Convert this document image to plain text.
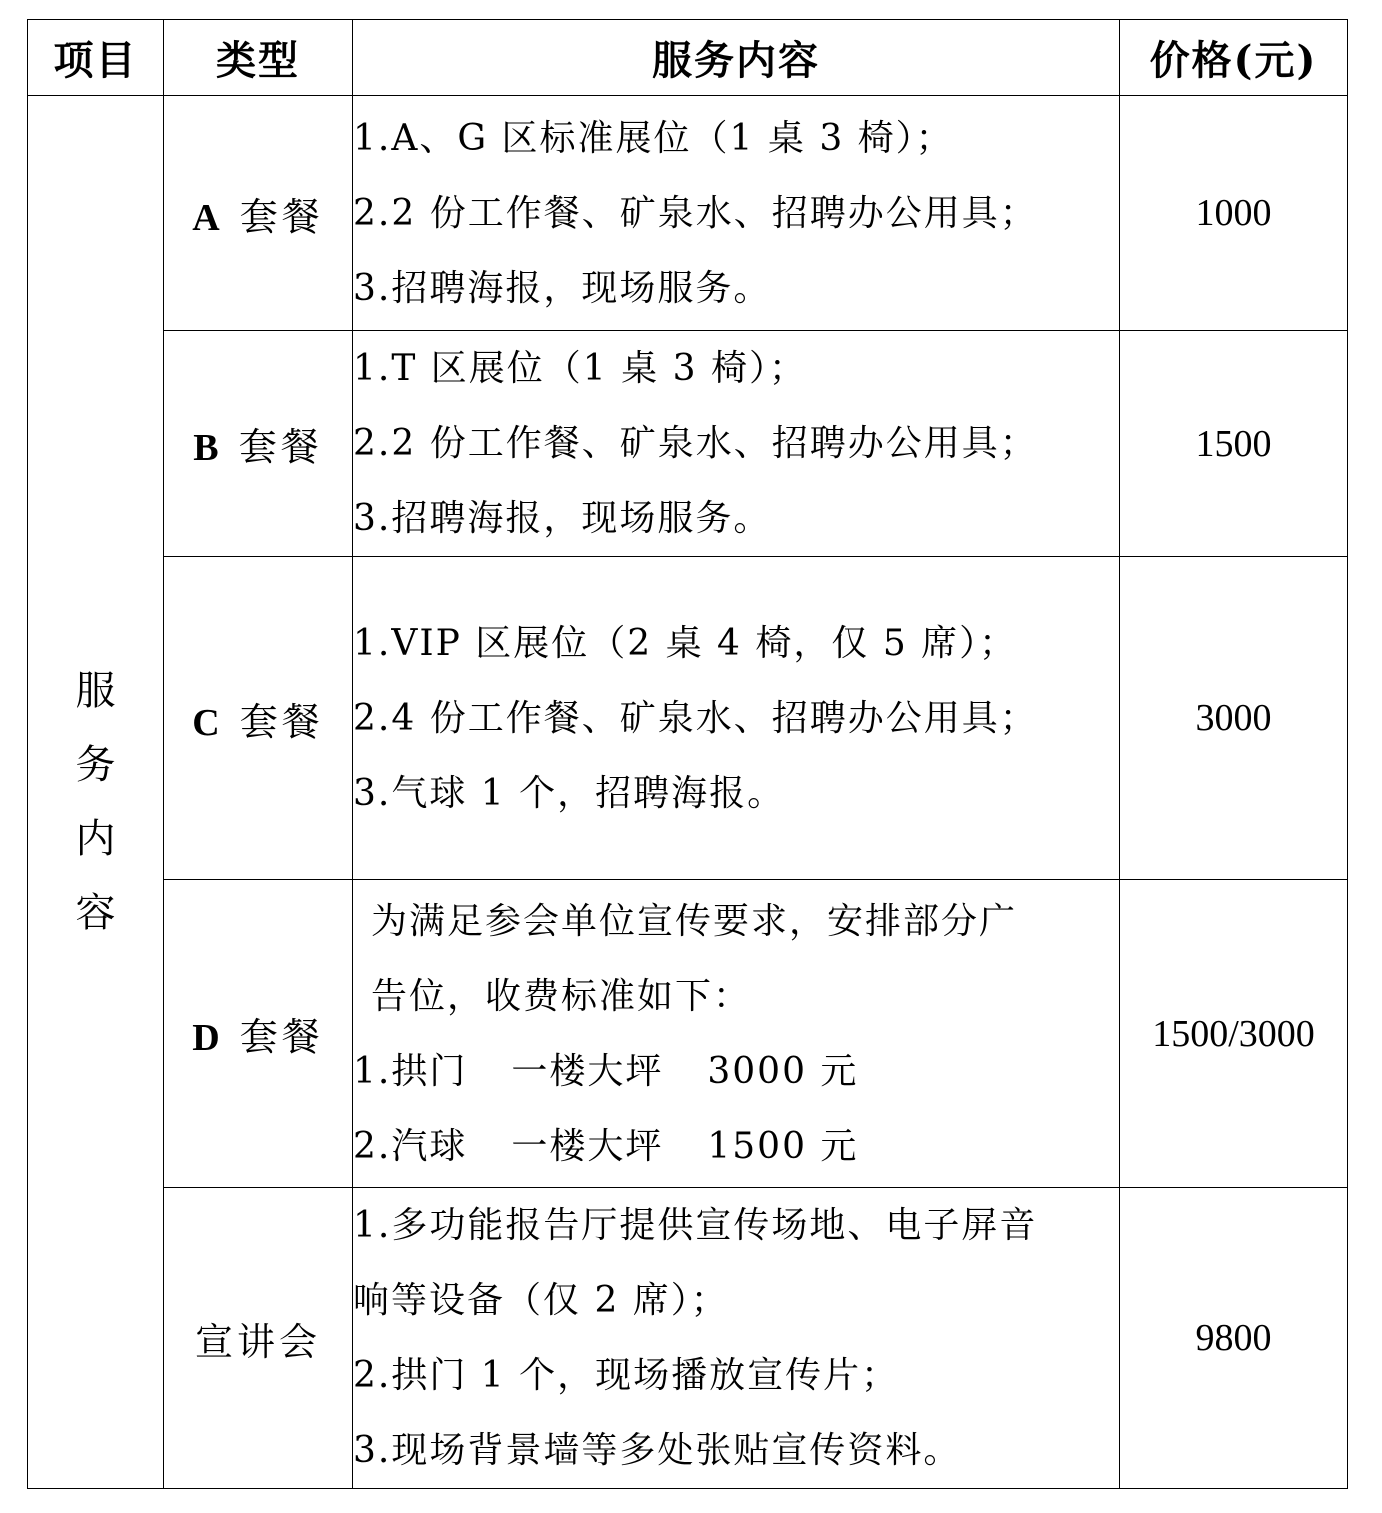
项目	类型	服务内容	价格(元)
服务内容	A 套餐	1.A、G 区标准展位（1 桌 3 椅）；
2.2 份工作餐、矿泉水、招聘办公用具；
3.招聘海报，现场服务。	1000
	B 套餐	1.T 区展位（1 桌 3 椅）；
2.2 份工作餐、矿泉水、招聘办公用具；
3.招聘海报，现场服务。	1500
	C 套餐	1.VIP 区展位（2 桌 4 椅，仅 5 席）；
2.4 份工作餐、矿泉水、招聘办公用具；
3.气球 1 个，招聘海报。	3000
	D 套餐	为满足参会单位宣传要求，安排部分广
告位，收费标准如下：
1.拱门 一楼大坪 3000 元
2.汽球 一楼大坪 1500 元	1500/3000
	宣讲会	1.多功能报告厅提供宣传场地、电子屏音
响等设备（仅 2 席）；
2.拱门 1 个，现场播放宣传片；
3.现场背景墙等多处张贴宣传资料。	9800
